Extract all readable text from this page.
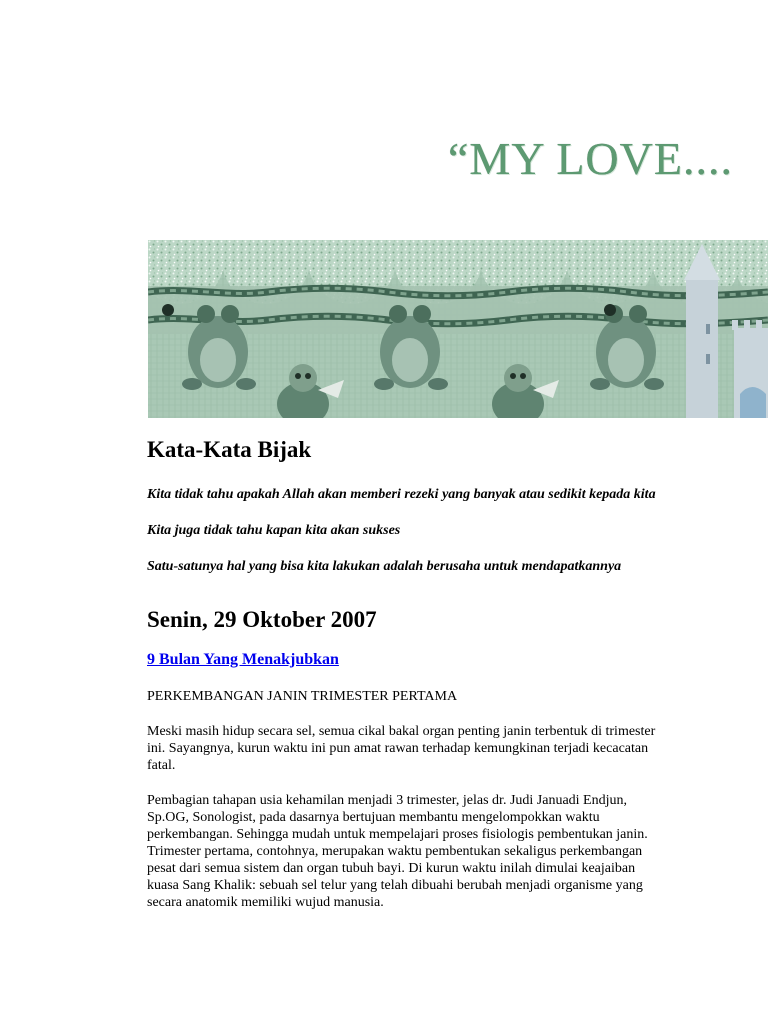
“MY LOVE....
Kata-Kata Bijak

Kita tidak tahu apakah Allah akan memberi rezeki yang banyak atau sedikit kepada kita

Kita juga tidak tahu kapan kita akan sukses

Satu-satunya hal yang bisa kita lakukan adalah berusaha untuk mendapatkannya

Senin, 29 Oktober 2007
9 Bulan Yang Menakjubkan

PERKEMBANGAN JANIN TRIMESTER PERTAMA

Meski masih hidup secara sel, semua cikal bakal organ penting janin terbentuk di trimester ini. Sayangnya, kurun waktu ini pun amat rawan terhadap kemungkinan terjadi kecacatan fatal.

Pembagian tahapan usia kehamilan menjadi 3 trimester, jelas dr. Judi Januadi Endjun, Sp.OG, Sonologist, pada dasarnya bertujuan membantu mengelompokkan waktu perkembangan. Sehingga mudah untuk mempelajari proses fisiologis pembentukan janin. Trimester pertama, contohnya, merupakan waktu pembentukan sekaligus perkembangan pesat dari semua sistem dan organ tubuh bayi. Di kurun waktu inilah dimulai keajaiban kuasa Sang Khalik: sebuah sel telur yang telah dibuahi berubah menjadi organisme yang secara anatomik memiliki wujud manusia.
